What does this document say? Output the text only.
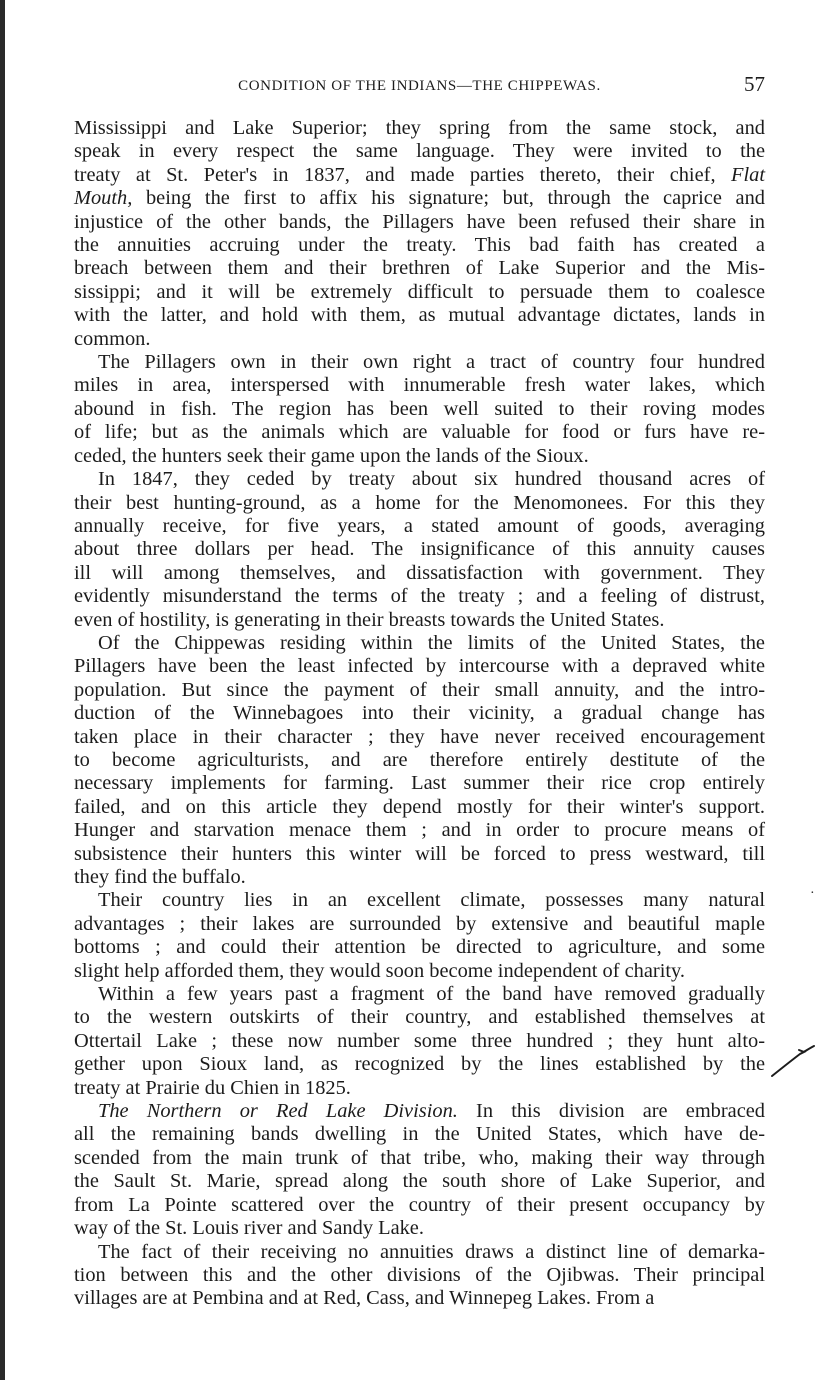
CONDITION OF THE INDIANS—THE CHIPPEWAS.	57
Mississippi and Lake Superior; they spring from the same stock, and
speak in every respect the same language. They were invited to the
treaty at St. Peter's in 1837, and made parties thereto, their chief, Flat
Mouth, being the first to affix his signature; but, through the caprice and
injustice of the other bands, the Pillagers have been refused their share in
the annuities accruing under the treaty. This bad faith has created a
breach between them and their brethren of Lake Superior and the Mis-
sissippi; and it will be extremely difficult to persuade them to coalesce
with the latter, and hold with them, as mutual advantage dictates, lands in
common.
The Pillagers own in their own right a tract of country four hundred
miles in area, interspersed with innumerable fresh water lakes, which
abound in fish. The region has been well suited to their roving modes
of life; but as the animals which are valuable for food or furs have re-
ceded, the hunters seek their game upon the lands of the Sioux.
In 1847, they ceded by treaty about six hundred thousand acres of
their best hunting-ground, as a home for the Menomonees. For this they
annually receive, for five years, a stated amount of goods, averaging
about three dollars per head. The insignificance of this annuity causes
ill will among themselves, and dissatisfaction with government. They
evidently misunderstand the terms of the treaty ; and a feeling of distrust,
even of hostility, is generating in their breasts towards the United States.
Of the Chippewas residing within the limits of the United States, the
Pillagers have been the least infected by intercourse with a depraved white
population. But since the payment of their small annuity, and the intro-
duction of the Winnebagoes into their vicinity, a gradual change has
taken place in their character ; they have never received encouragement
to become agriculturists, and are therefore entirely destitute of the
necessary implements for farming. Last summer their rice crop entirely
failed, and on this article they depend mostly for their winter's support.
Hunger and starvation menace them ; and in order to procure means of
subsistence their hunters this winter will be forced to press westward, till
they find the buffalo.
Their country lies in an excellent climate, possesses many natural
advantages ; their lakes are surrounded by extensive and beautiful maple
bottoms ; and could their attention be directed to agriculture, and some
slight help afforded them, they would soon become independent of charity.
Within a few years past a fragment of the band have removed gradually
to the western outskirts of their country, and established themselves at
Ottertail Lake ; these now number some three hundred ; they hunt alto-
gether upon Sioux land, as recognized by the lines established by the
treaty at Prairie du Chien in 1825.
The Northern or Red Lake Division. In this division are embraced
all the remaining bands dwelling in the United States, which have de-
scended from the main trunk of that tribe, who, making their way through
the Sault St. Marie, spread along the south shore of Lake Superior, and
from La Pointe scattered over the country of their present occupancy by
way of the St. Louis river and Sandy Lake.
The fact of their receiving no annuities draws a distinct line of demarka-
tion between this and the other divisions of the Ojibwas. Their principal
villages are at Pembina and at Red, Cass, and Winnepeg Lakes. From a
·
